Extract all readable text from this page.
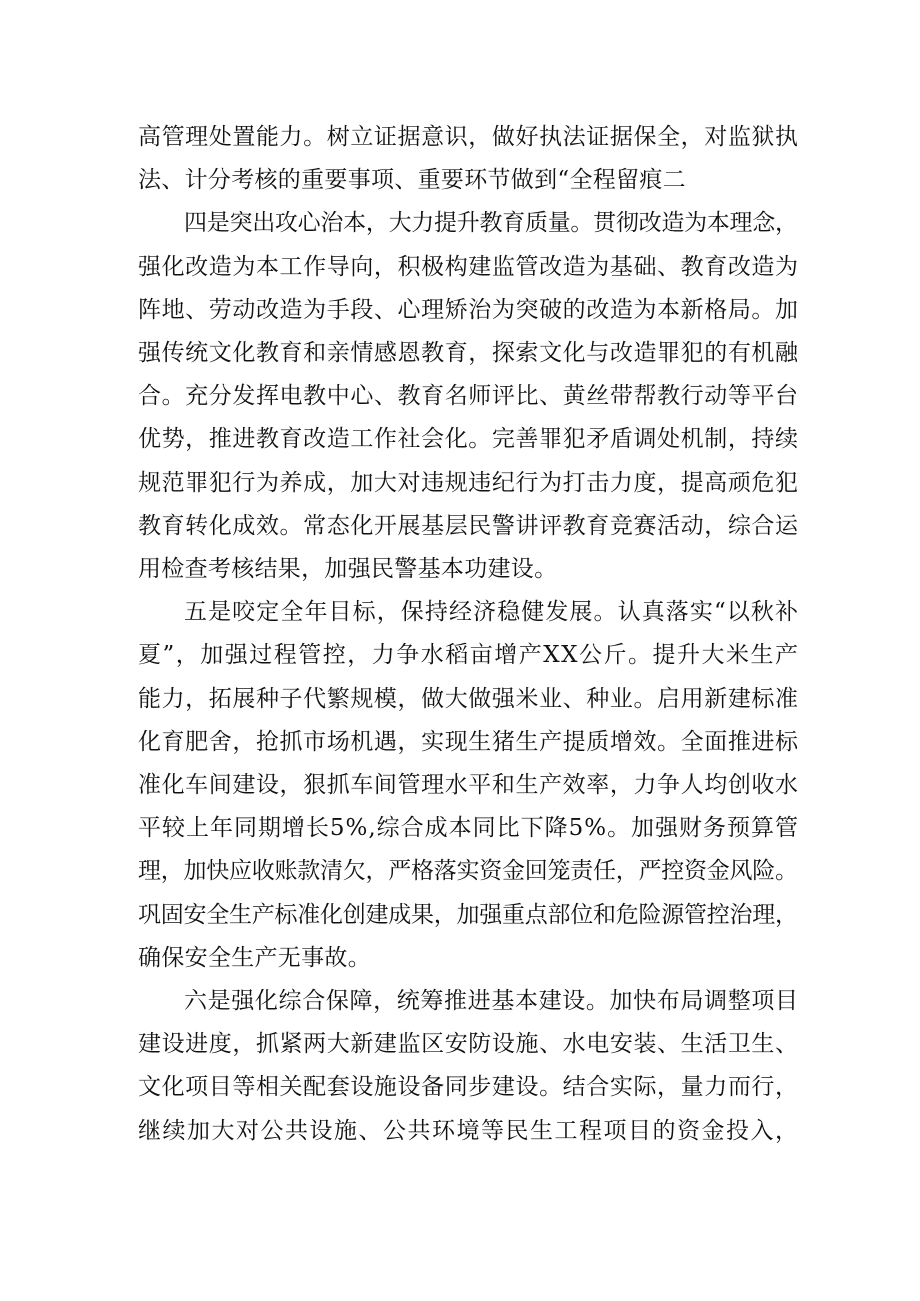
高管理处置能力。树立证据意识，做好执法证据保全，对监狱执
法、计分考核的重要事项、重要环节做到“全程留痕二

四是突出攻心治本，大力提升教育质量。贯彻改造为本理念，
强化改造为本工作导向，积极构建监管改造为基础、教育改造为
阵地、劳动改造为手段、心理矫治为突破的改造为本新格局。加
强传统文化教育和亲情感恩教育，探索文化与改造罪犯的有机融
合。充分发挥电教中心、教育名师评比、黄丝带帮教行动等平台
优势，推进教育改造工作社会化。完善罪犯矛盾调处机制，持续
规范罪犯行为养成，加大对违规违纪行为打击力度，提高顽危犯
教育转化成效。常态化开展基层民警讲评教育竞赛活动，综合运
用检查考核结果，加强民警基本功建设。

五是咬定全年目标，保持经济稳健发展。认真落实“以秋补
夏”，加强过程管控，力争水稻亩增产XX公斤。提升大米生产
能力，拓展种子代繁规模，做大做强米业、种业。启用新建标准
化育肥舍，抢抓市场机遇，实现生猪生产提质增效。全面推进标
准化车间建设，狠抓车间管理水平和生产效率，力争人均创收水
平较上年同期增长5%,综合成本同比下降5%。加强财务预算管
理，加快应收账款清欠，严格落实资金回笼责任，严控资金风险。
巩固安全生产标准化创建成果，加强重点部位和危险源管控治理，
确保安全生产无事故。

六是强化综合保障，统筹推进基本建设。加快布局调整项目
建设进度，抓紧两大新建监区安防设施、水电安装、生活卫生、
文化项目等相关配套设施设备同步建设。结合实际，量力而行，
继续加大对公共设施、公共环境等民生工程项目的资金投入，
